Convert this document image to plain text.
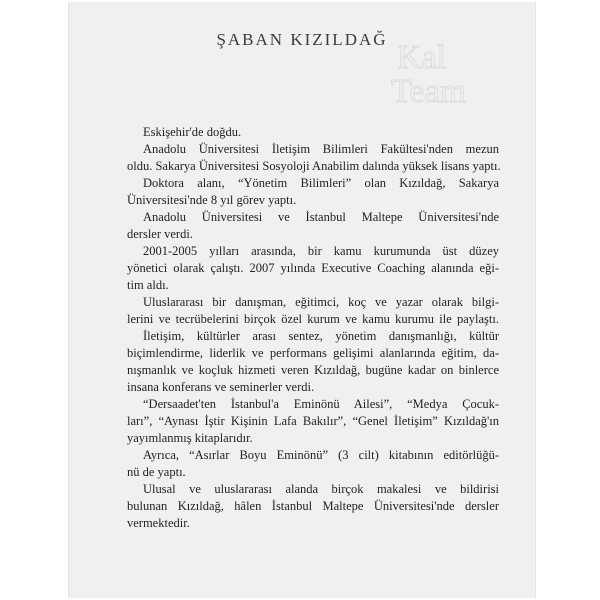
Kal
Team
ŞABAN KIZILDAĞ
Eskişehir'de doğdu.
Anadolu Üniversitesi İletişim Bilimleri Fakültesi'nden mezun
oldu. Sakarya Üniversitesi Sosyoloji Anabilim dalında yüksek lisans yaptı.
Doktora alanı, “Yönetim Bilimleri” olan Kızıldağ, Sakarya
Üniversitesi'nde 8 yıl görev yaptı.
Anadolu Üniversitesi ve İstanbul Maltepe Üniversitesi'nde
dersler verdi.
2001-2005 yılları arasında, bir kamu kurumunda üst düzey
yönetici olarak çalıştı. 2007 yılında Executive Coaching alanında eği-
tim aldı.
Uluslararası bir danışman, eğitimci, koç ve yazar olarak bilgi-
lerini ve tecrübelerini birçok özel kurum ve kamu kurumu ile paylaştı.
İletişim, kültürler arası sentez, yönetim danışmanlığı, kültür
biçimlendirme, liderlik ve performans gelişimi alanlarında eğitim, da-
nışmanlık ve koçluk hizmeti veren Kızıldağ, bugüne kadar on binlerce
insana konferans ve seminerler verdi.
“Dersaadet'ten İstanbul'a Eminönü Ailesi”, “Medya Çocuk-
ları”, “Aynası İştir Kişinin Lafa Bakılır”, “Genel İletişim” Kızıldağ'ın
yayımlanmış kitaplarıdır.
Ayrıca, “Asırlar Boyu Eminönü” (3 cilt) kitabının editörlüğü-
nü de yaptı.
Ulusal ve uluslararası alanda birçok makalesi ve bildirisi
bulunan Kızıldağ, hâlen İstanbul Maltepe Üniversitesi'nde dersler
vermektedir.
